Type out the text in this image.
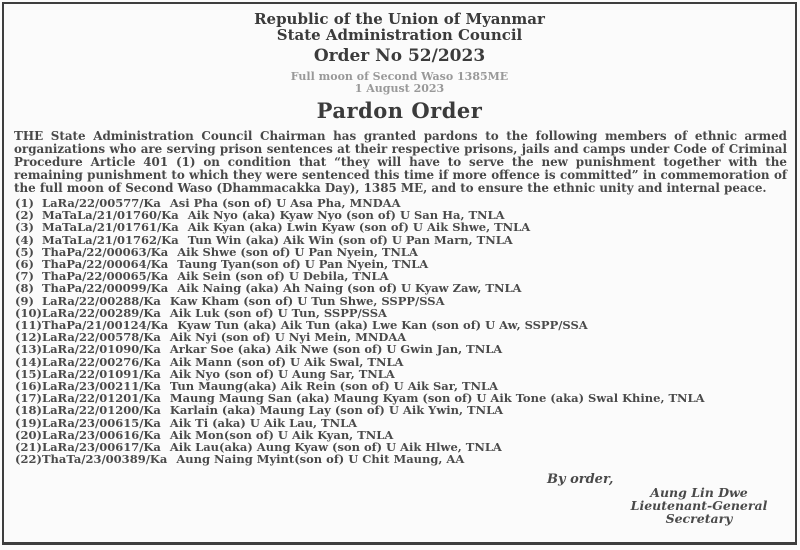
Republic of the Union of Myanmar
State Administration Council
Order No 52/2023
Full moon of Second Waso 1385ME
1 August 2023
Pardon Order

THE State Administration Council Chairman has granted pardons to the following members of ethnic armed organizations who are serving prison sentences at their respective prisons, jails and camps under Code of Criminal Procedure Article 401 (1) on condition that “they will have to serve the new punishment together with the remaining punishment to which they were sentenced this time if more offence is committed” in commemoration of the full moon of Second Waso (Dhammacakka Day), 1385 ME, and to ensure the ethnic unity and internal peace.

(1) LaRa/22/00577/Ka Asi Pha (son of) U Asa Pha, MNDAA
(2) MaTaLa/21/01760/Ka Aik Nyo (aka) Kyaw Nyo (son of) U San Ha, TNLA
(3) MaTaLa/21/01761/Ka Aik Kyan (aka) Lwin Kyaw (son of) U Aik Shwe, TNLA
(4) MaTaLa/21/01762/Ka Tun Win (aka) Aik Win (son of) U Pan Marn, TNLA
(5) ThaPa/22/00063/Ka Aik Shwe (son of) U Pan Nyein, TNLA
(6) ThaPa/22/00064/Ka Taung Tyan(son of) U Pan Nyein, TNLA
(7) ThaPa/22/00065/Ka Aik Sein (son of) U Debila, TNLA
(8) ThaPa/22/00099/Ka Aik Naing (aka) Ah Naing (son of) U Kyaw Zaw, TNLA
(9) LaRa/22/00288/Ka Kaw Kham (son of) U Tun Shwe, SSPP/SSA
(10) LaRa/22/00289/Ka Aik Luk (son of) U Tun, SSPP/SSA
(11) ThaPa/21/00124/Ka Kyaw Tun (aka) Aik Tun (aka) Lwe Kan (son of) U Aw, SSPP/SSA
(12) LaRa/22/00578/Ka Aik Nyi (son of) U Nyi Mein, MNDAA
(13) LaRa/22/01090/Ka Arkar Soe (aka) Aik Nwe (son of) U Gwin Jan, TNLA
(14) LaRa/22/00276/Ka Aik Mann (son of) U Aik Swal, TNLA
(15) LaRa/22/01091/Ka Aik Nyo (son of) U Aung Sar, TNLA
(16) LaRa/23/00211/Ka Tun Maung(aka) Aik Rein (son of) U Aik Sar, TNLA
(17) LaRa/22/01201/Ka Maung Maung San (aka) Maung Kyam (son of) U Aik Tone (aka) Swal Khine, TNLA
(18) LaRa/22/01200/Ka Karlain (aka) Maung Lay (son of) U Aik Ywin, TNLA
(19) LaRa/23/00615/Ka Aik Ti (aka) U Aik Lau, TNLA
(20) LaRa/23/00616/Ka Aik Mon(son of) U Aik Kyan, TNLA
(21) LaRa/23/00617/Ka Aik Lau(aka) Aung Kyaw (son of) U Aik Hlwe, TNLA
(22) ThaTa/23/00389/Ka Aung Naing Myint(son of) U Chit Maung, AA
By order,
Aung Lin Dwe
Lieutenant-General
Secretary
